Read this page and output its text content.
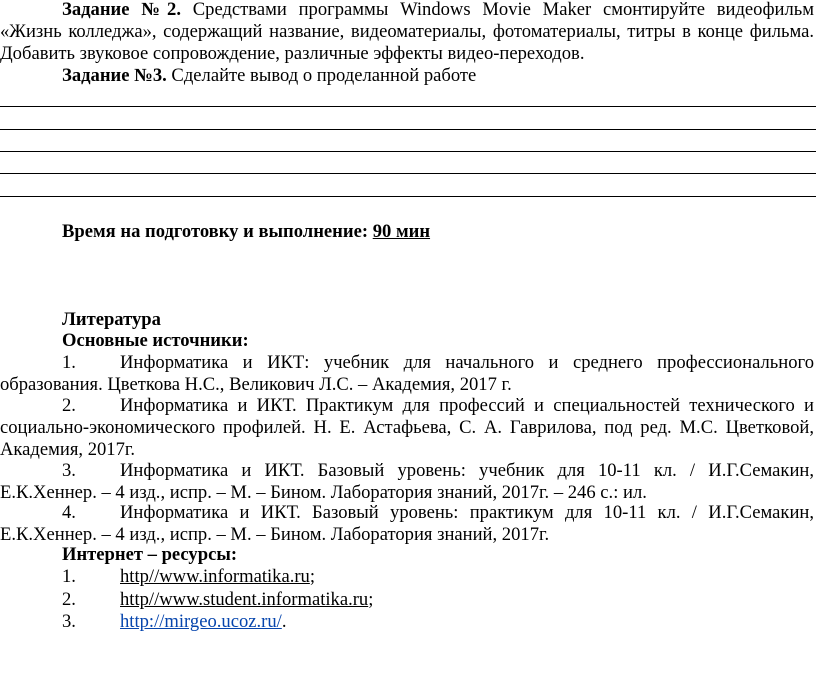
Задание №2. Средствами программы Windows Movie Maker смонтируйте видеофильм «Жизнь колледжа», содержащий название, видеоматериалы, фотоматериалы, титры в конце фильма. Добавить звуковое сопровождение, различные эффекты видео-переходов.

Задание №3. Сделайте вывод о проделанной работе

Время на подготовку и выполнение: 90 мин

Литература

Основные источники:

1. Информатика и ИКТ: учебник для начального и среднего профессионального образования. Цветкова Н.С., Великович Л.С. – Академия, 2017 г.

2. Информатика и ИКТ. Практикум для профессий и специальностей технического и социально-экономического профилей. Н. Е. Астафьева, С. А. Гаврилова, под ред. М.С. Цветковой, Академия, 2017г.

3. Информатика и ИКТ. Базовый уровень: учебник для 10-11 кл. / И.Г.Семакин, Е.К.Хеннер. – 4 изд., испр. – М. – Бином. Лаборатория знаний, 2017г. – 246 с.: ил.

4. Информатика и ИКТ. Базовый уровень: практикум для 10-11 кл. / И.Г.Семакин, Е.К.Хеннер. – 4 изд., испр. – М. – Бином. Лаборатория знаний, 2017г.

Интернет – ресурсы:

1. http//www.informatika.ru;

2. http//www.student.informatika.ru;

3. http://mirgeo.ucoz.ru/.
